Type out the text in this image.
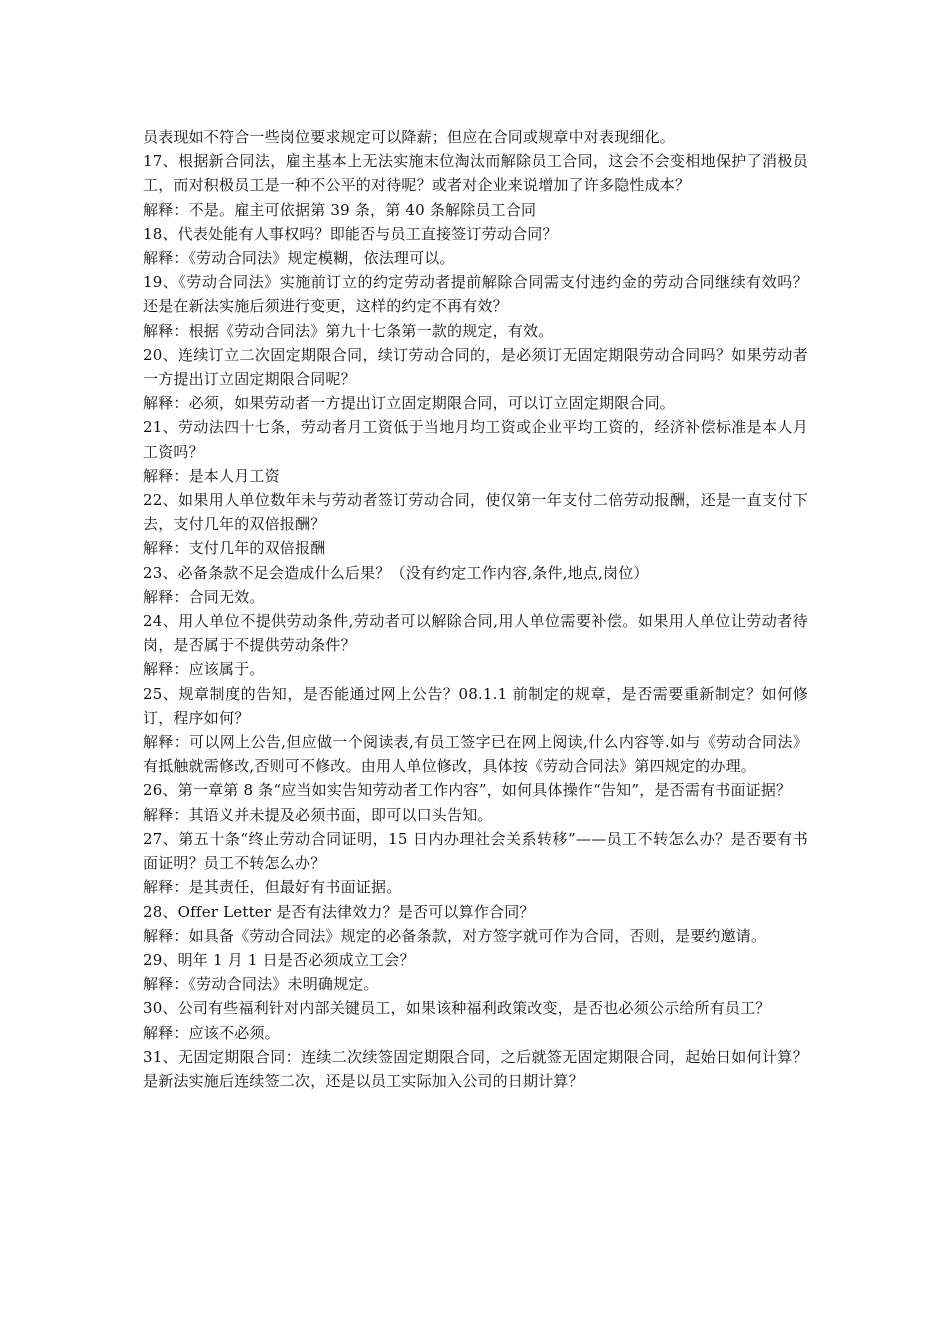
员表现如不符合一些岗位要求规定可以降薪；但应在合同或规章中对表现细化。

17、根据新合同法，雇主基本上无法实施末位淘汰而解除员工合同，这会不会变相地保护了消极员工，而对积极员工是一种不公平的对待呢？或者对企业来说增加了许多隐性成本？

解释：不是。雇主可依据第 39 条，第 40 条解除员工合同

18、代表处能有人事权吗？即能否与员工直接签订劳动合同？

解释：《劳动合同法》规定模糊，依法理可以。

19、《劳动合同法》实施前订立的约定劳动者提前解除合同需支付违约金的劳动合同继续有效吗？还是在新法实施后须进行变更，这样的约定不再有效？

解释：根据《劳动合同法》第九十七条第一款的规定，有效。

20、连续订立二次固定期限合同，续订劳动合同的，是必须订无固定期限劳动合同吗？如果劳动者一方提出订立固定期限合同呢？

解释：必须，如果劳动者一方提出订立固定期限合同，可以订立固定期限合同。

21、劳动法四十七条，劳动者月工资低于当地月均工资或企业平均工资的，经济补偿标准是本人月工资吗？

解释：是本人月工资

22、如果用人单位数年未与劳动者签订劳动合同，使仅第一年支付二倍劳动报酬，还是一直支付下去，支付几年的双倍报酬？

解释：支付几年的双倍报酬

23、必备条款不足会造成什么后果？（没有约定工作内容,条件,地点,岗位）

解释：合同无效。

24、用人单位不提供劳动条件,劳动者可以解除合同,用人单位需要补偿。如果用人单位让劳动者待岗，是否属于不提供劳动条件？

解释：应该属于。

25、规章制度的告知，是否能通过网上公告？08.1.1 前制定的规章，是否需要重新制定？如何修订，程序如何？

解释：可以网上公告,但应做一个阅读表,有员工签字已在网上阅读,什么内容等.如与《劳动合同法》有抵触就需修改,否则可不修改。由用人单位修改，具体按《劳动合同法》第四规定的办理。

26、第一章第 8 条“应当如实告知劳动者工作内容”，如何具体操作“告知”，是否需有书面证据？

解释：其语义并未提及必须书面，即可以口头告知。

27、第五十条“终止劳动合同证明，15 日内办理社会关系转移”——员工不转怎么办？是否要有书面证明？员工不转怎么办？

解释：是其责任，但最好有书面证据。

28、Offer Letter 是否有法律效力？是否可以算作合同？

解释：如具备《劳动合同法》规定的必备条款，对方签字就可作为合同，否则，是要约邀请。

29、明年 1 月 1 日是否必须成立工会？

解释：《劳动合同法》未明确规定。

30、公司有些福利针对内部关键员工，如果该种福利政策改变，是否也必须公示给所有员工？

解释：应该不必须。

31、无固定期限合同：连续二次续签固定期限合同，之后就签无固定期限合同，起始日如何计算？是新法实施后连续签二次，还是以员工实际加入公司的日期计算？
